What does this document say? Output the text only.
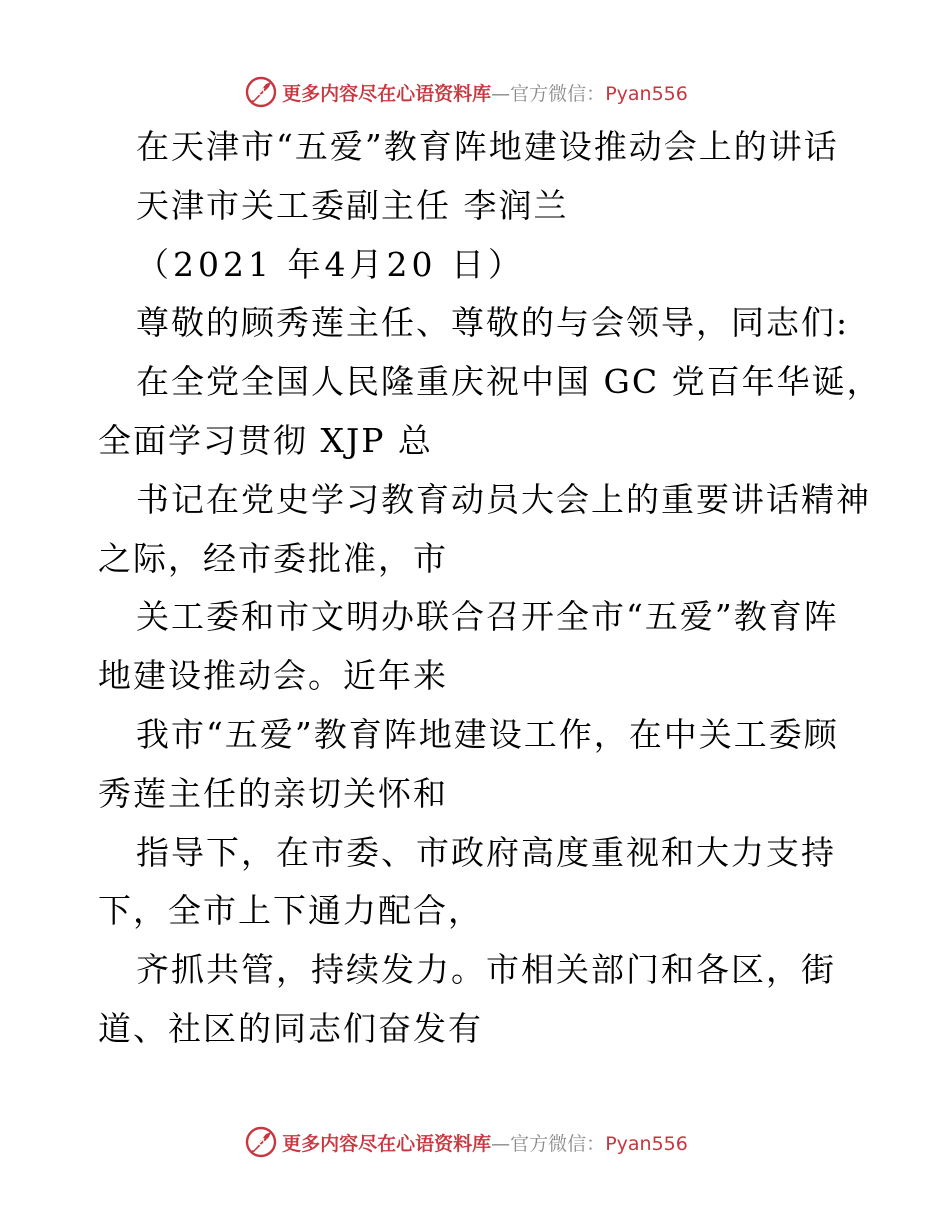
更多内容尽在心语资料库—官方微信：Pyan556
在天津市“五爱”教育阵地建设推动会上的讲话
天津市关工委副主任 李润兰
（2021 年4月20 日）
尊敬的顾秀莲主任、尊敬的与会领导，同志们:
在全党全国人民隆重庆祝中国 GC 党百年华诞，
全面学习贯彻 XJP 总
书记在党史学习教育动员大会上的重要讲话精神
之际，经市委批准，市
关工委和市文明办联合召开全市“五爱”教育阵
地建设推动会。近年来
我市“五爱”教育阵地建设工作，在中关工委顾
秀莲主任的亲切关怀和
指导下，在市委、市政府高度重视和大力支持
下，全市上下通力配合，
齐抓共管，持续发力。市相关部门和各区，街
道、社区的同志们奋发有
更多内容尽在心语资料库—官方微信：Pyan556
